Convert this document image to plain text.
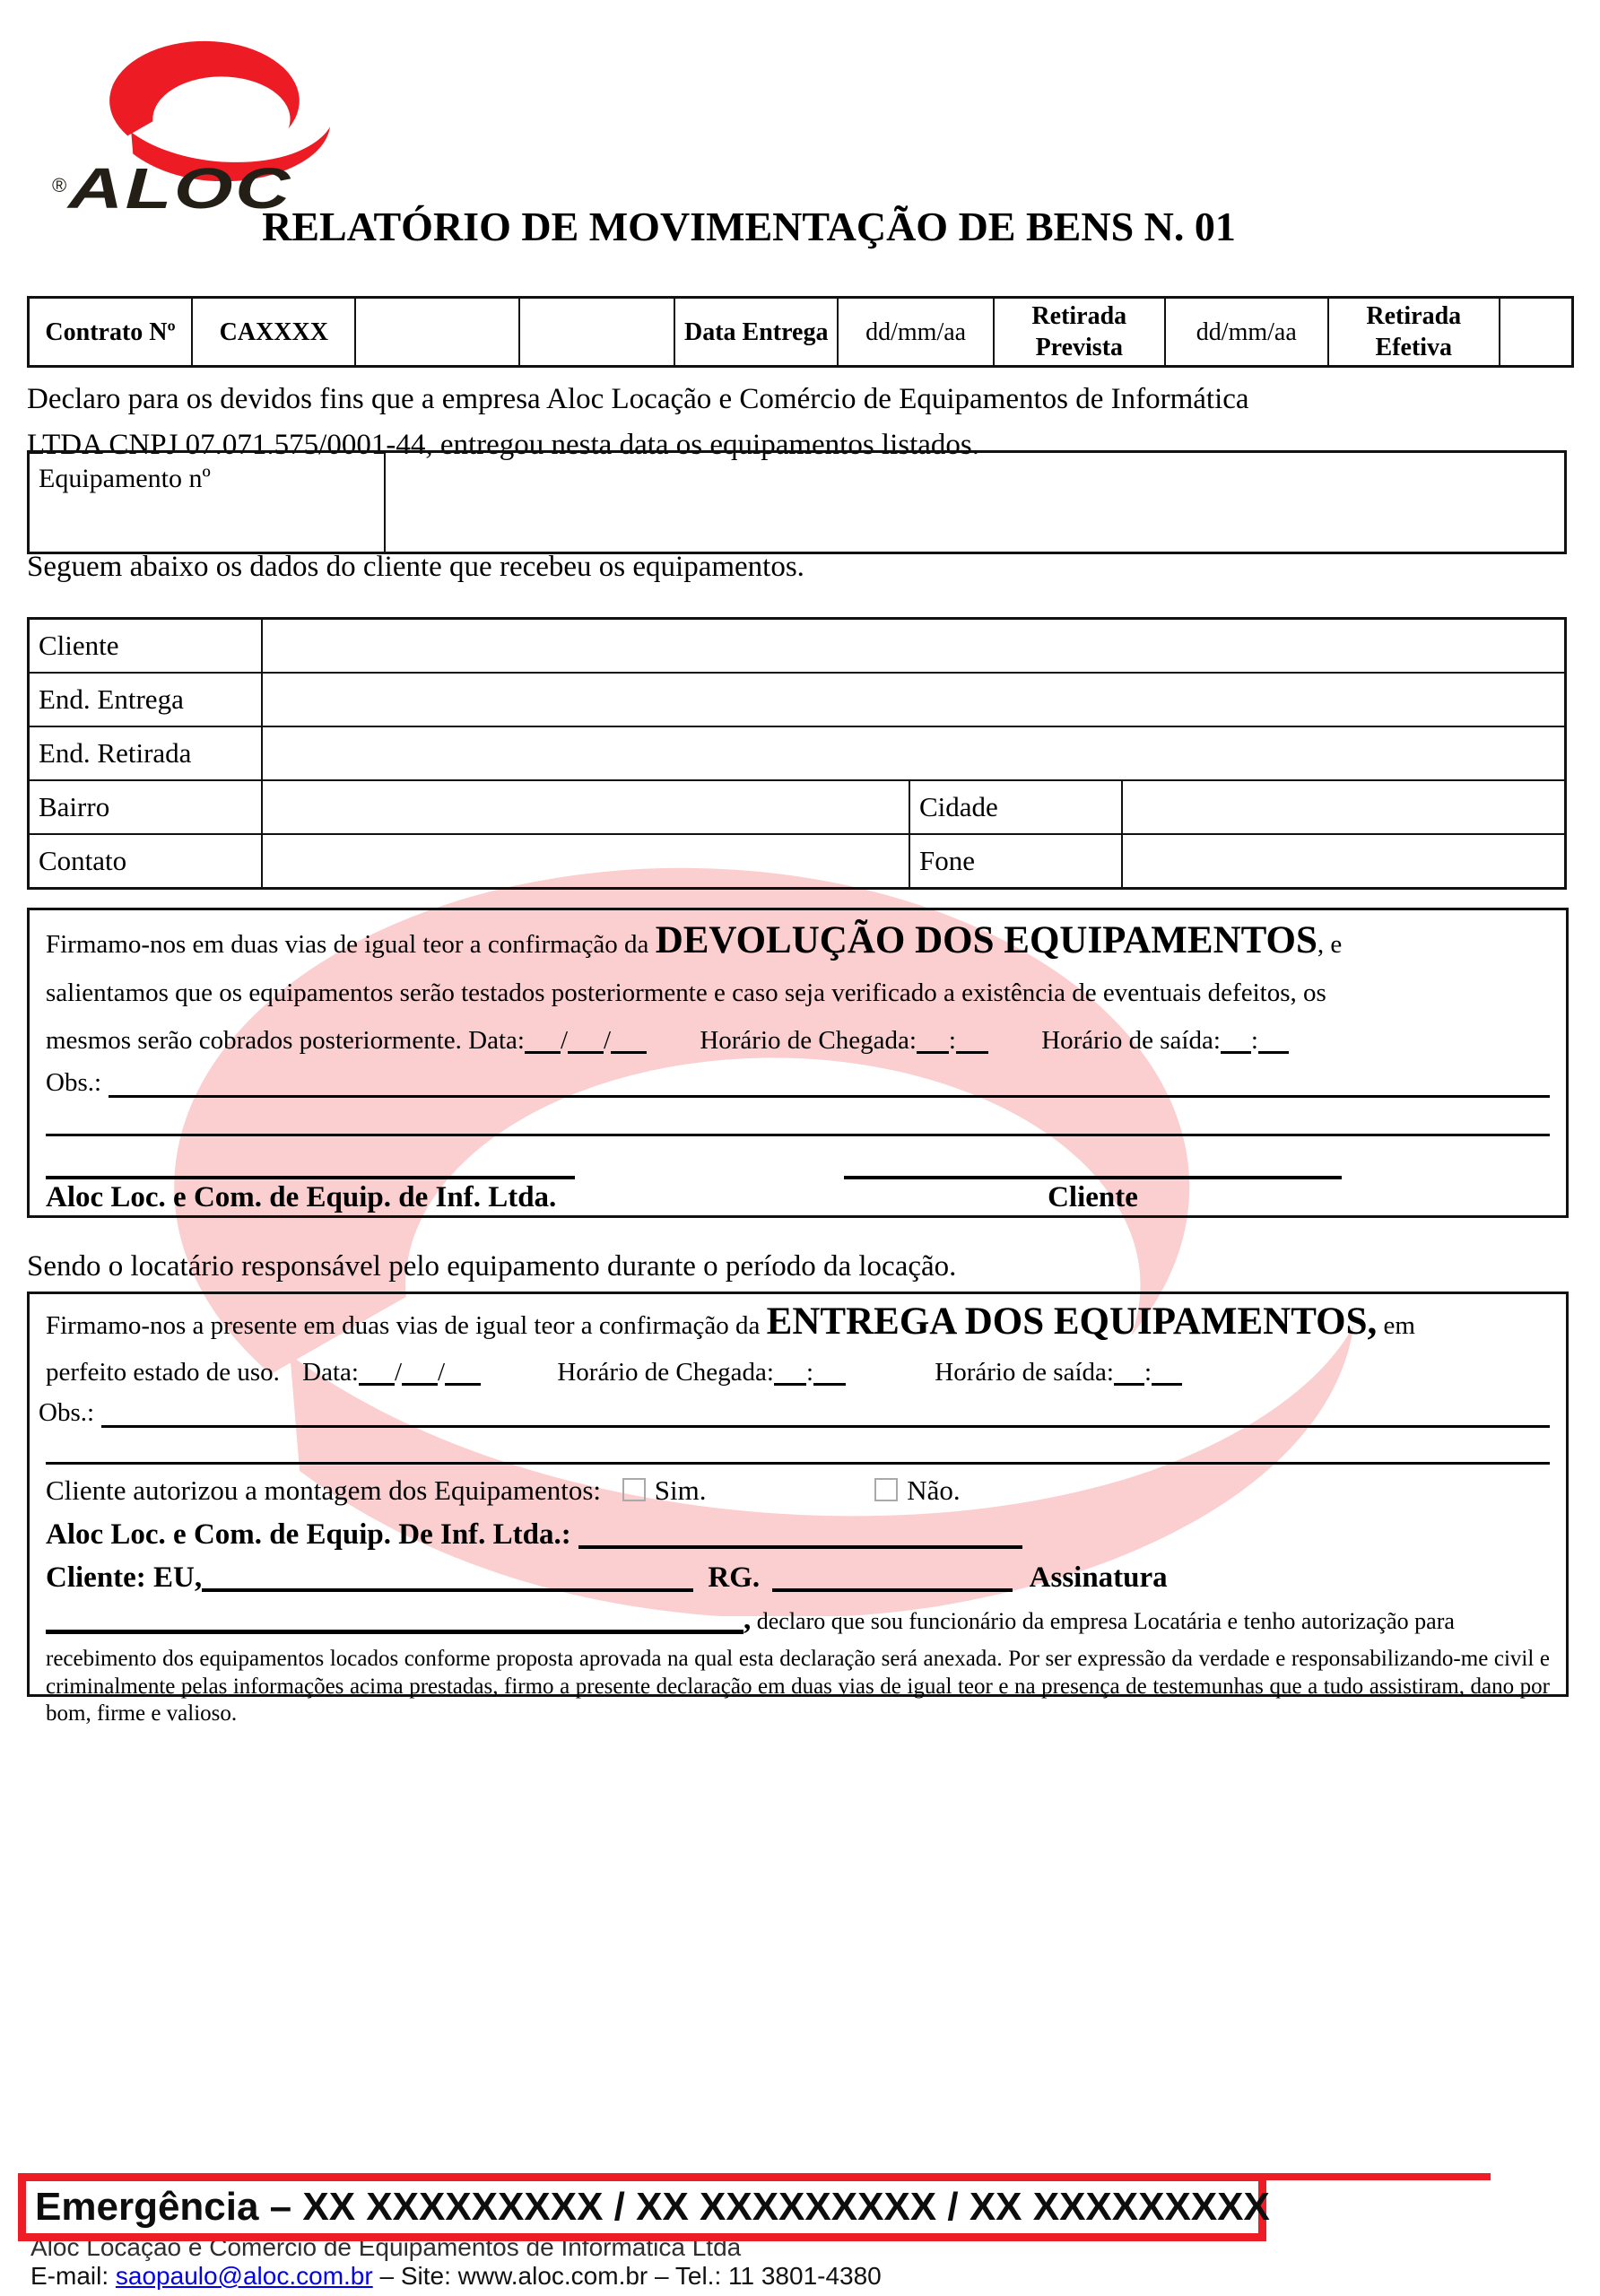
®ALOC
RELATÓRIO DE MOVIMENTAÇÃO DE BENS N. 01
Contrato Nº	CAXXXX			Data Entrega	dd/mm/aa	Retirada Prevista	dd/mm/aa	Retirada Efetiva	
Declaro para os devidos fins que a empresa Aloc Locação e Comércio de Equipamentos de Informática
LTDA CNPJ 07.071.575/0001-44, entregou nesta data os equipamentos listados.
Equipamento nº	
Seguem abaixo os dados do cliente que recebeu os equipamentos.
Cliente			
End. Entrega			
End. Retirada			
Bairro		Cidade	
Contato		Fone	
Firmamo-nos em duas vias de igual teor a confirmação da DEVOLUÇÃO DOS EQUIPAMENTOS, e
salientamos que os equipamentos serão testados posteriormente e caso seja verificado a existência de eventuais defeitos, os
mesmos serão cobrados posteriormente. Data: / /	Horário de Chegada: :	Horário de saída: :
Obs.:
Aloc Loc. e Com. de Equip. de Inf. Ltda.	Cliente
Sendo o locatário responsável pelo equipamento durante o período da locação.
Firmamo-nos a presente em duas vias de igual teor a confirmação da ENTREGA DOS EQUIPAMENTOS, em
perfeito estado de uso. Data: / /	Horário de Chegada: :	Horário de saída: :
Obs.:
Cliente autorizou a montagem dos Equipamentos: Sim.	Não.
Aloc Loc. e Com. de Equip. De Inf. Ltda.:
Cliente: EU,	RG.	Assinatura
, declaro que sou funcionário da empresa Locatária e tenho autorização para
recebimento dos equipamentos locados conforme proposta aprovada na qual esta declaração será anexada. Por ser expressão da verdade e responsabilizando-me civil e criminalmente pelas informações acima prestadas, firmo a presente declaração em duas vias de igual teor e na presença de testemunhas que a tudo assistiram, dano por bom, firme e valioso.
Aloc Locação e Comércio de Equipamentos de Informática Ltda
Emergência – XX XXXXXXXXX / XX XXXXXXXXX / XX XXXXXXXXX
E-mail: saopaulo@aloc.com.br – Site: www.aloc.com.br – Tel.: 11 3801-4380
